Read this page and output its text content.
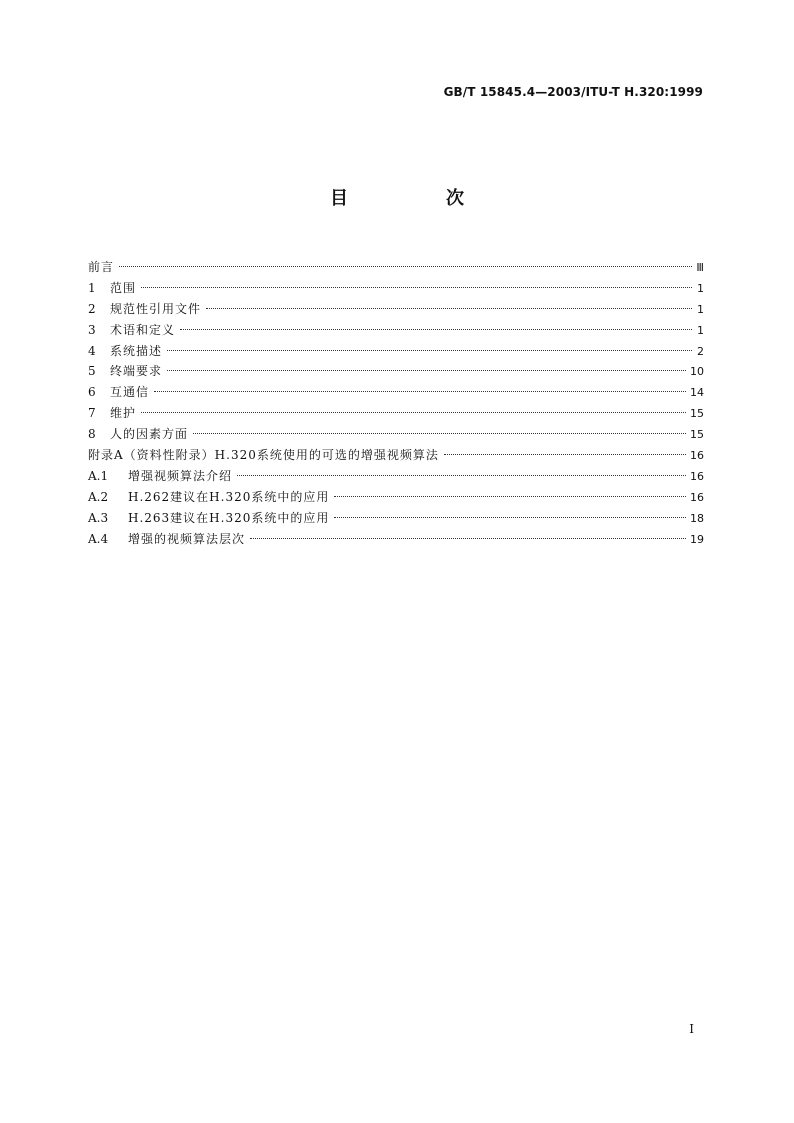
GB/T 15845.4—2003/ITU-T H.320:1999
目　次
前言	Ⅲ
1	范围	1
2	规范性引用文件	1
3	术语和定义	1
4	系统描述	2
5	终端要求	10
6	互通信	14
7	维护	15
8	人的因素方面	15
附录A（资料性附录）H.320系统使用的可选的增强视频算法	16
A.1	增强视频算法介绍	16
A.2	H.262建议在H.320系统中的应用	16
A.3	H.263建议在H.320系统中的应用	18
A.4	增强的视频算法层次	19
I
